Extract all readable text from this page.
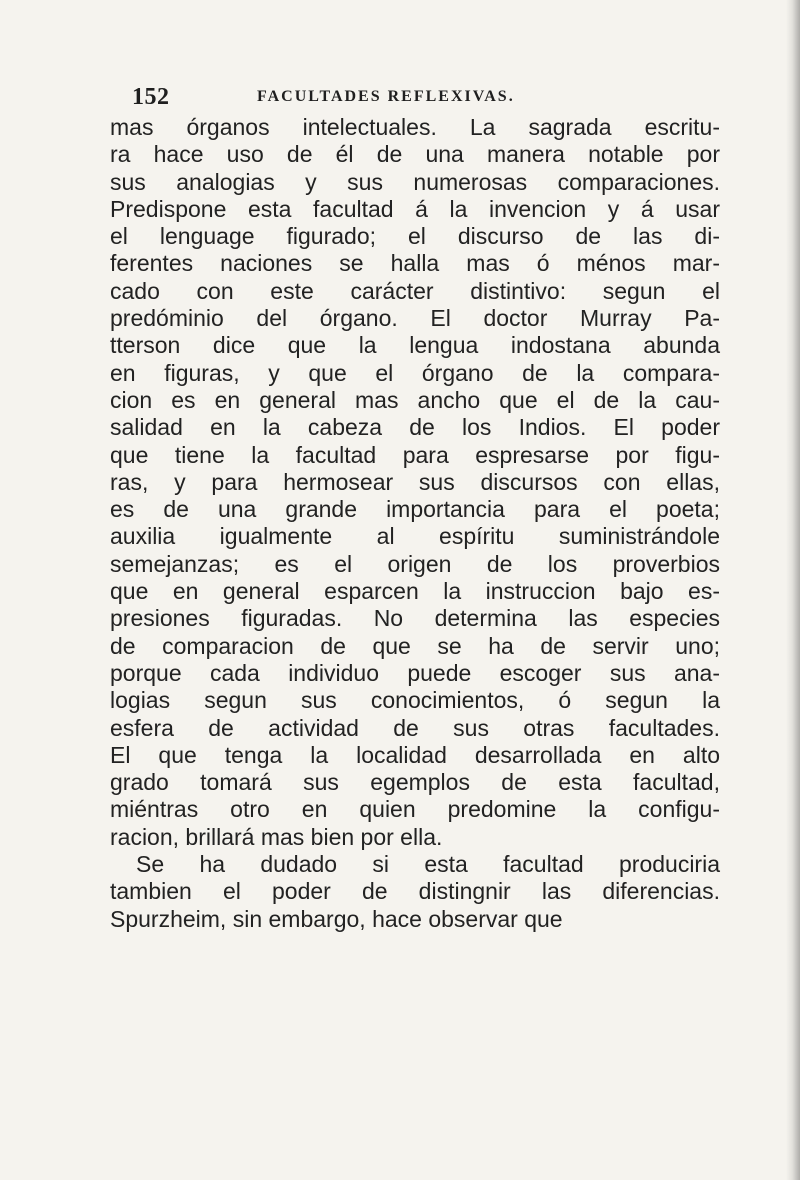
152	FACULTADES REFLEXIVAS.
mas órganos intelectuales. La sagrada escritu-
ra hace uso de él de una manera notable por
sus analogias y sus numerosas comparaciones.
Predispone esta facultad á la invencion y á usar
el lenguage figurado; el discurso de las di-
ferentes naciones se halla mas ó ménos mar-
cado con este carácter distintivo: segun el
predóminio del órgano. El doctor Murray Pa-
tterson dice que la lengua indostana abunda
en figuras, y que el órgano de la compara-
cion es en general mas ancho que el de la cau-
salidad en la cabeza de los Indios. El poder
que tiene la facultad para espresarse por figu-
ras, y para hermosear sus discursos con ellas,
es de una grande importancia para el poeta;
auxilia igualmente al espíritu suministrándole
semejanzas; es el origen de los proverbios
que en general esparcen la instruccion bajo es-
presiones figuradas. No determina las especies
de comparacion de que se ha de servir uno;
porque cada individuo puede escoger sus ana-
logias segun sus conocimientos, ó segun la
esfera de actividad de sus otras facultades.
El que tenga la localidad desarrollada en alto
grado tomará sus egemplos de esta facultad,
miéntras otro en quien predomine la configu-
racion, brillará mas bien por ella.
Se ha dudado si esta facultad produciria
tambien el poder de distingnir las diferencias.
Spurzheim, sin embargo, hace observar que
